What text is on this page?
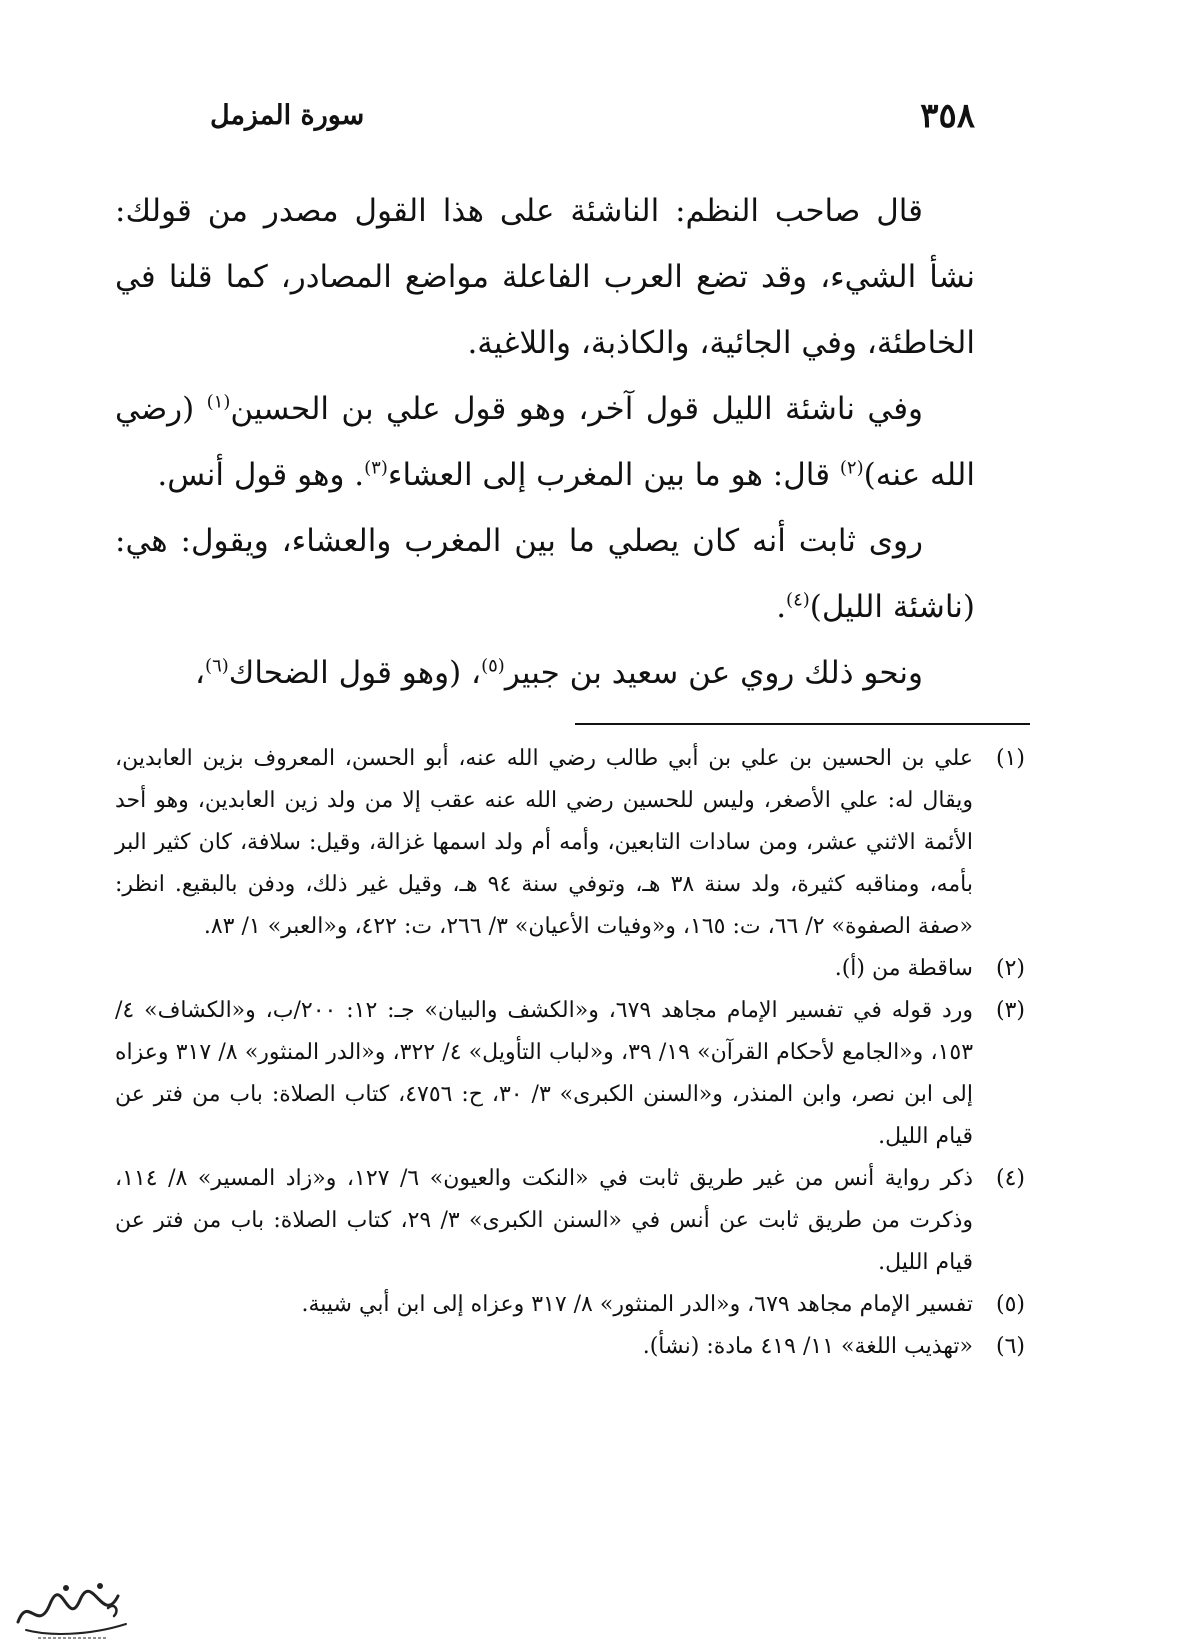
٣٥٨
سورة المزمل

قال صاحب النظم: الناشئة على هذا القول مصدر من قولك: نشأ الشيء، وقد تضع العرب الفاعلة مواضع المصادر، كما قلنا في الخاطئة، وفي الجائية، والكاذبة، واللاغية.

وفي ناشئة الليل قول آخر، وهو قول علي بن الحسين$^{(١)}$ (رضي الله عنه)$^{(٢)}$ قال: هو ما بين المغرب إلى العشاء$^{(٣)}$. وهو قول أنس.

روى ثابت أنه كان يصلي ما بين المغرب والعشاء، ويقول: هي: (ناشئة الليل)$^{(٤)}$.

ونحو ذلك روي عن سعيد بن جبير$^{(٥)}$، (وهو قول الضحاك$^{(٦)}$،

(١)
علي بن الحسين بن علي بن أبي طالب رضي الله عنه، أبو الحسن، المعروف بزين العابدين، ويقال له: علي الأصغر، وليس للحسين رضي الله عنه عقب إلا من ولد زين العابدين، وهو أحد الأئمة الاثني عشر، ومن سادات التابعين، وأمه أم ولد اسمها غزالة، وقيل: سلافة، كان كثير البر بأمه، ومناقبه كثيرة، ولد سنة ٣٨ هـ، وتوفي سنة ٩٤ هـ، وقيل غير ذلك، ودفن بالبقيع. انظر: «صفة الصفوة» ٢/ ٦٦، ت: ١٦٥، و«وفيات الأعيان» ٣/ ٢٦٦، ت: ٤٢٢، و«العبر» ١/ ٨٣.
(٢)
ساقطة من (أ).
(٣)
ورد قوله في تفسير الإمام مجاهد ٦٧٩، و«الكشف والبيان» جـ: ١٢: ٢٠٠/ب، و«الكشاف» ٤/ ١٥٣، و«الجامع لأحكام القرآن» ١٩/ ٣٩، و«لباب التأويل» ٤/ ٣٢٢، و«الدر المنثور» ٨/ ٣١٧ وعزاه إلى ابن نصر، وابن المنذر، و«السنن الكبرى» ٣/ ٣٠، ح: ٤٧٥٦، كتاب الصلاة: باب من فتر عن قيام الليل.
(٤)
ذكر رواية أنس من غير طريق ثابت في «النكت والعيون» ٦/ ١٢٧، و«زاد المسير» ٨/ ١١٤، وذكرت من طريق ثابت عن أنس في «السنن الكبرى» ٣/ ٢٩، كتاب الصلاة: باب من فتر عن قيام الليل.
(٥)
تفسير الإمام مجاهد ٦٧٩، و«الدر المنثور» ٨/ ٣١٧ وعزاه إلى ابن أبي شيبة.
(٦)
«تهذيب اللغة» ١١/ ٤١٩ مادة: (نشأ).
